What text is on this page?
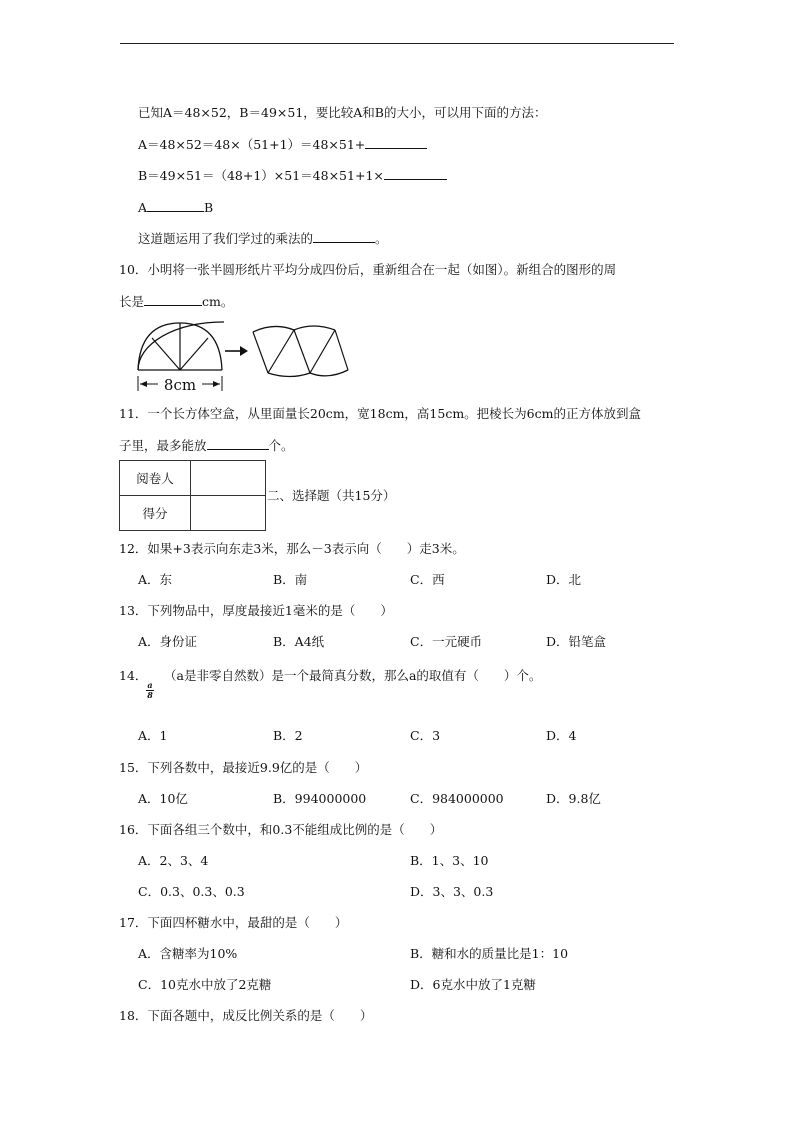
已知A＝48×52，B＝49×51，要比较A和B的大小，可以用下面的方法：
A＝48×52＝48×（51+1）＝48×51+
B＝49×51＝（48+1）×51＝48×51+1×
A	B
这道题运用了我们学过的乘法的	。
10．小明将一张半圆形纸片平均分成四份后，重新组合在一起（如图）。新组合的图形的周
长是	cm。
8cm
11．一个长方体空盒，从里面量长20cm，宽18cm，高15cm。把棱长为6cm的正方体放到盒
子里，最多能放	个。
阅卷人	
得分	
二、选择题（共15分）
12．如果+3表示向东走3米，那么－3表示向（　　）走3米。
A．东	B．南	C．西	D．北
13．下列物品中，厚度最接近1毫米的是（　　）
A．身份证	B．A4纸	C．一元硬币	D．铅笔盒
14．
a
8
（a是非零自然数）是一个最简真分数，那么a的取值有（　　）个。
A．1	B．2	C．3	D．4
15．下列各数中，最接近9.9亿的是（　　）
A．10亿	B．994000000	C．984000000	D．9.8亿
16．下面各组三个数中，和0.3不能组成比例的是（　　）
A．2、3、4	B．1、3、10
C．0.3、0.3、0.3	D．3、3、0.3
17．下面四杯糖水中，最甜的是（　　）
A．含糖率为10%	B．糖和水的质量比是1：10
C．10克水中放了2克糖	D．6克水中放了1克糖
18．下面各题中，成反比例关系的是（　　）
